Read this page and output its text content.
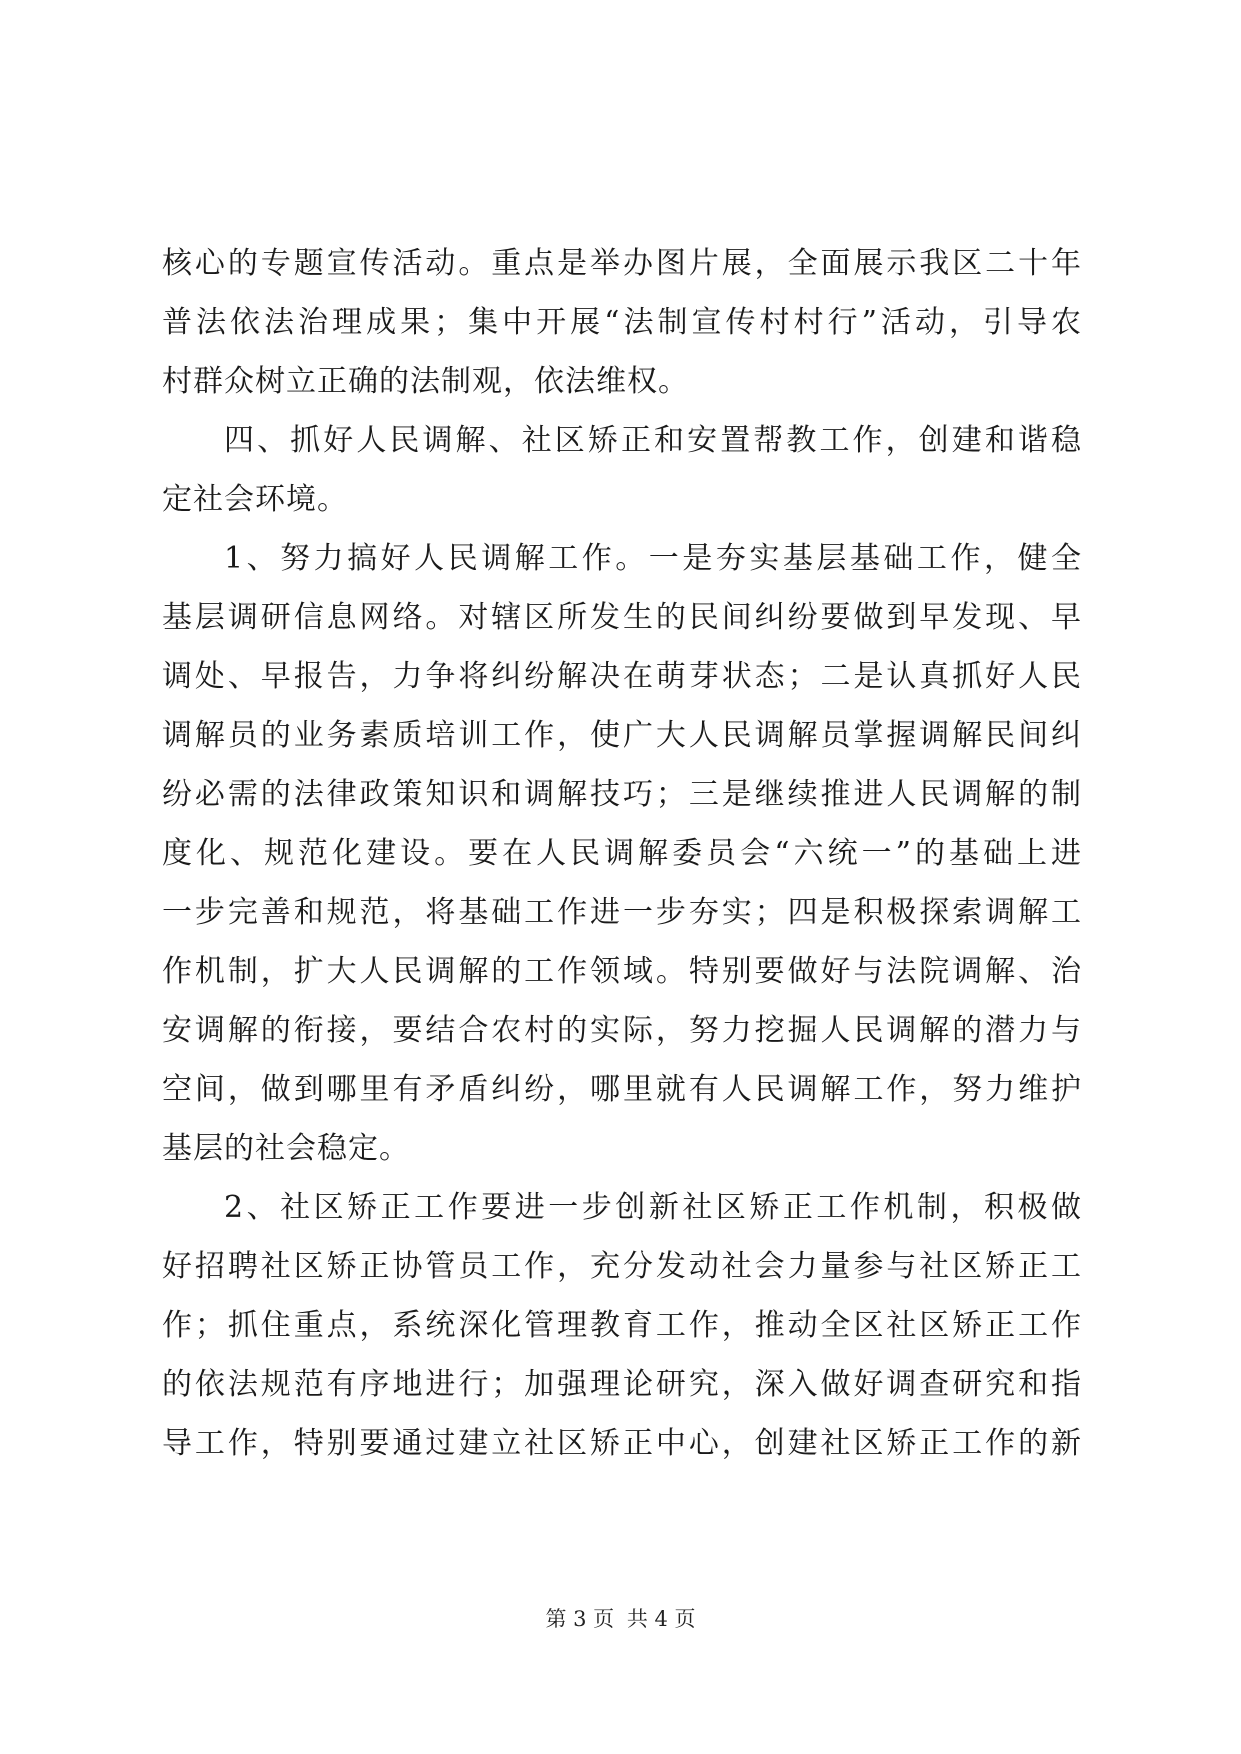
核心的专题宣传活动。重点是举办图片展，全面展示我区二十年
普法依法治理成果；集中开展“法制宣传村村行”活动，引导农
村群众树立正确的法制观，依法维权。
四、抓好人民调解、社区矫正和安置帮教工作，创建和谐稳
定社会环境。
1、努力搞好人民调解工作。一是夯实基层基础工作，健全
基层调研信息网络。对辖区所发生的民间纠纷要做到早发现、早
调处、早报告，力争将纠纷解决在萌芽状态；二是认真抓好人民
调解员的业务素质培训工作，使广大人民调解员掌握调解民间纠
纷必需的法律政策知识和调解技巧；三是继续推进人民调解的制
度化、规范化建设。要在人民调解委员会“六统一”的基础上进
一步完善和规范，将基础工作进一步夯实；四是积极探索调解工
作机制，扩大人民调解的工作领域。特别要做好与法院调解、治
安调解的衔接，要结合农村的实际，努力挖掘人民调解的潜力与
空间，做到哪里有矛盾纠纷，哪里就有人民调解工作，努力维护
基层的社会稳定。
2、社区矫正工作要进一步创新社区矫正工作机制，积极做
好招聘社区矫正协管员工作，充分发动社会力量参与社区矫正工
作；抓住重点，系统深化管理教育工作，推动全区社区矫正工作
的依法规范有序地进行；加强理论研究，深入做好调查研究和指
导工作，特别要通过建立社区矫正中心，创建社区矫正工作的新
第 3 页 共 4 页
